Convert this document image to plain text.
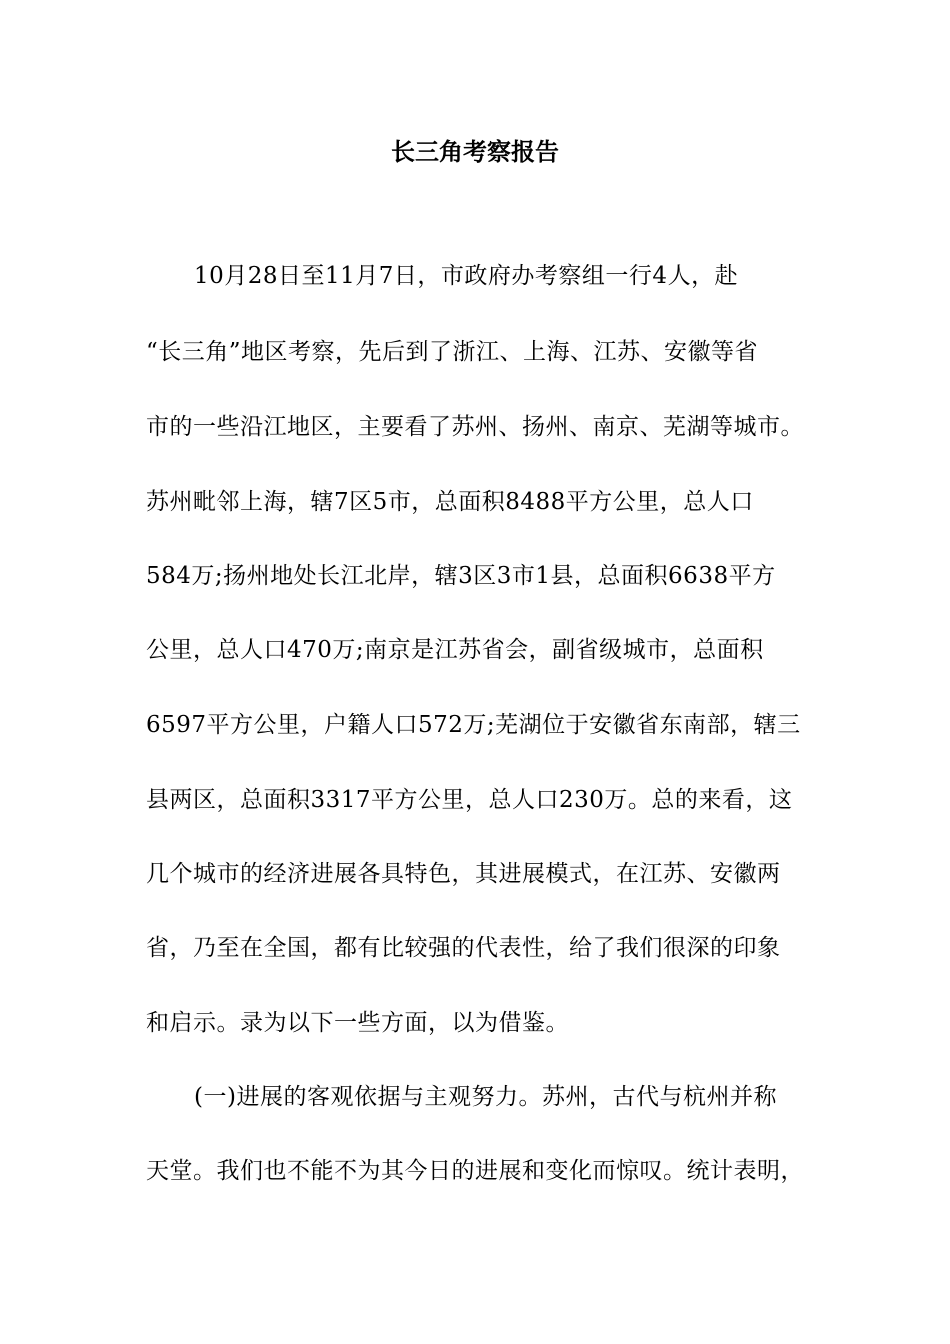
长三角考察报告
10月28日至11月7日，市政府办考察组一行4人，赴
“长三角”地区考察，先后到了浙江、上海、江苏、安徽等省
市的一些沿江地区，主要看了苏州、扬州、南京、芜湖等城市。
苏州毗邻上海，辖7区5市，总面积8488平方公里，总人口
584万;扬州地处长江北岸，辖3区3市1县，总面积6638平方
公里，总人口470万;南京是江苏省会，副省级城市，总面积
6597平方公里，户籍人口572万;芜湖位于安徽省东南部，辖三
县两区，总面积3317平方公里，总人口230万。总的来看，这
几个城市的经济进展各具特色，其进展模式，在江苏、安徽两
省，乃至在全国，都有比较强的代表性，给了我们很深的印象
和启示。录为以下一些方面，以为借鉴。
(一)进展的客观依据与主观努力。苏州，古代与杭州并称
天堂。我们也不能不为其今日的进展和变化而惊叹。统计表明，
